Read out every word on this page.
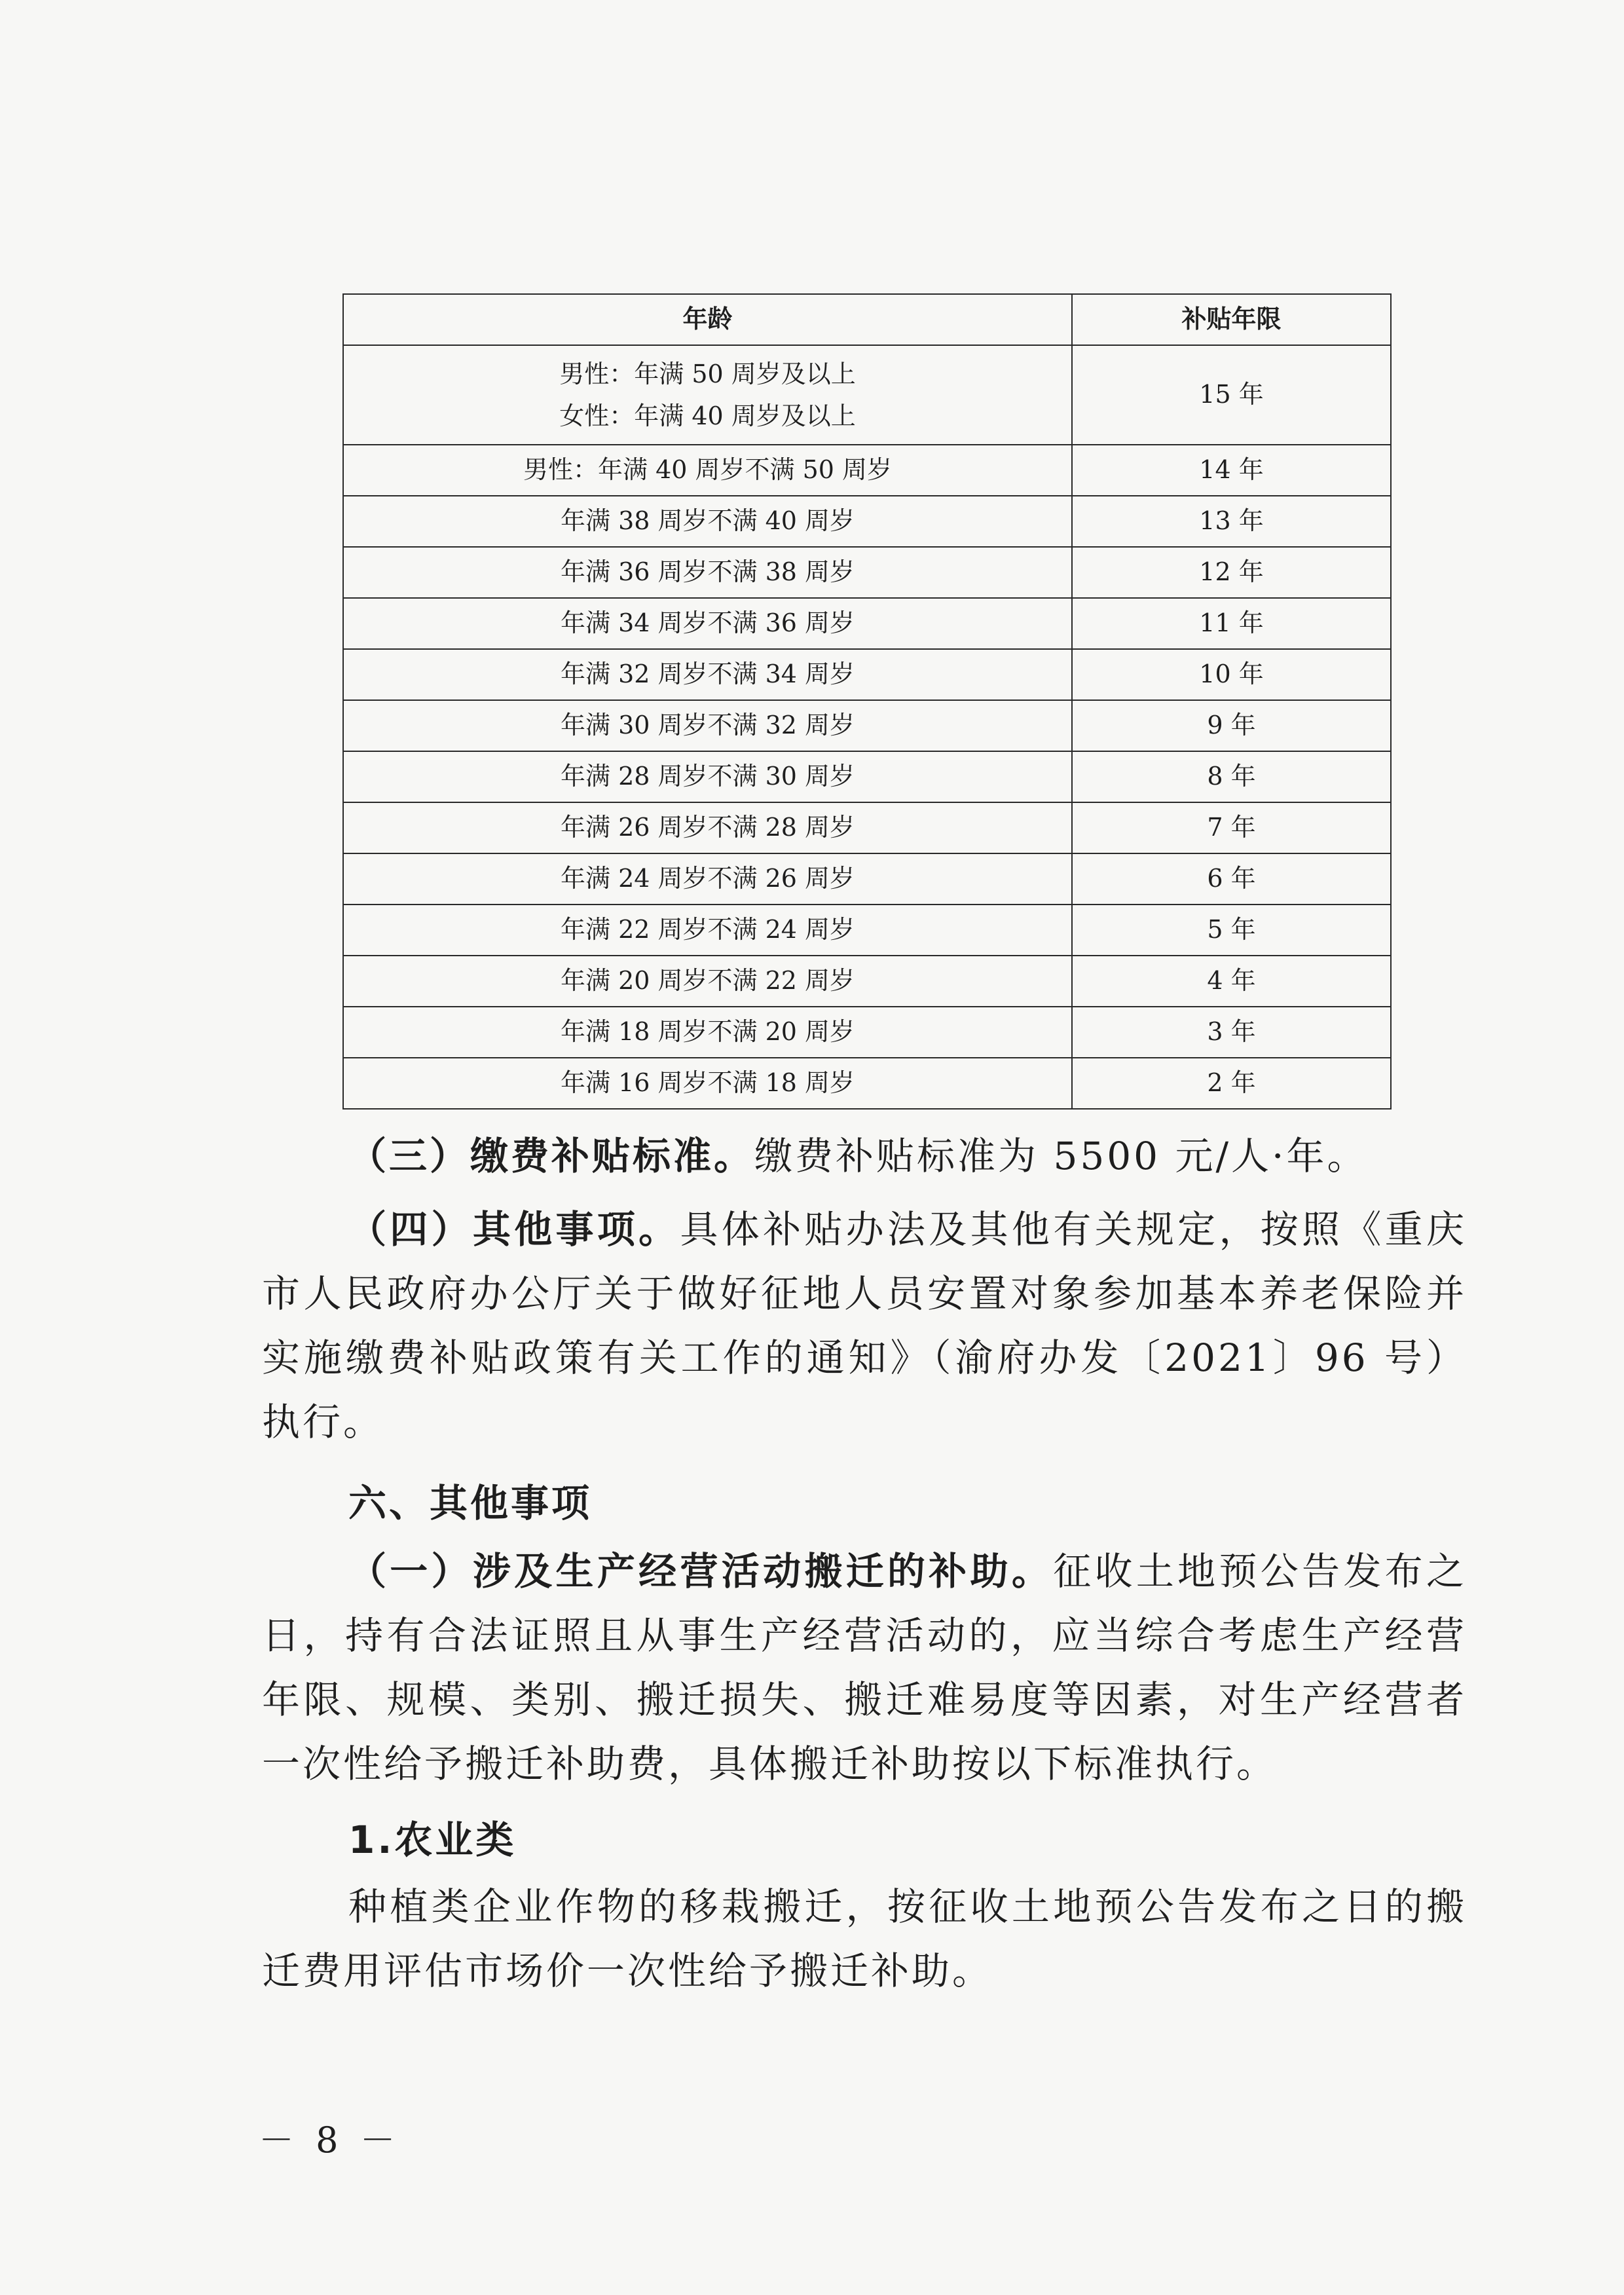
年龄	补贴年限

男性：年满 50 周岁及以上
女性：年满 40 周岁及以上	15 年
男性：年满 40 周岁不满 50 周岁	14 年
年满 38 周岁不满 40 周岁	13 年
年满 36 周岁不满 38 周岁	12 年
年满 34 周岁不满 36 周岁	11 年
年满 32 周岁不满 34 周岁	10 年
年满 30 周岁不满 32 周岁	9 年
年满 28 周岁不满 30 周岁	8 年
年满 26 周岁不满 28 周岁	7 年
年满 24 周岁不满 26 周岁	6 年
年满 22 周岁不满 24 周岁	5 年
年满 20 周岁不满 22 周岁	4 年
年满 18 周岁不满 20 周岁	3 年
年满 16 周岁不满 18 周岁	2 年

（三）缴费补贴标准。缴费补贴标准为 5500 元/人·年。

（四）其他事项。具体补贴办法及其他有关规定，按照《重庆市人民政府办公厅关于做好征地人员安置对象参加基本养老保险并实施缴费补贴政策有关工作的通知》（渝府办发〔2021〕96 号）执行。

六、其他事项

（一）涉及生产经营活动搬迁的补助。征收土地预公告发布之日，持有合法证照且从事生产经营活动的，应当综合考虑生产经营年限、规模、类别、搬迁损失、搬迁难易度等因素，对生产经营者一次性给予搬迁补助费，具体搬迁补助按以下标准执行。

1.农业类

种植类企业作物的移栽搬迁，按征收土地预公告发布之日的搬迁费用评估市场价一次性给予搬迁补助。

－ 8 －
